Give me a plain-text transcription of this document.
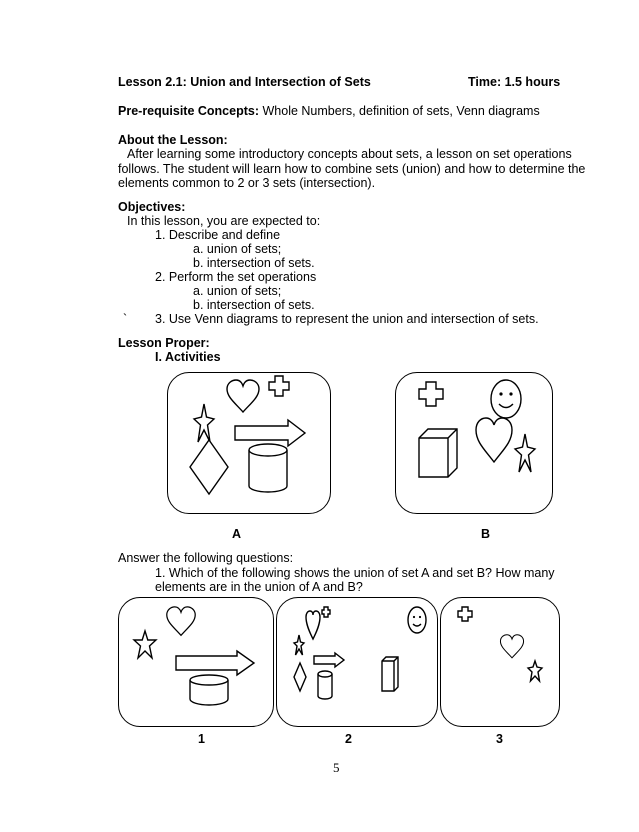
Lesson 2.1: Union and Intersection of Sets	Time: 1.5 hours
Pre-requisite Concepts: Whole Numbers, definition of sets, Venn diagrams
About the Lesson:
After learning some introductory concepts about sets, a lesson on set operations
follows. The student will learn how to combine sets (union) and how to determine the
elements common to 2 or 3 sets (intersection).
Objectives:
In this lesson, you are expected to:
1. Describe and define
a. union of sets;
b. intersection of sets.
2. Perform the set operations
a. union of sets;
b. intersection of sets.
` 3. Use Venn diagrams to represent the union and intersection of sets.
Lesson Proper:
I. Activities
A	B
Answer the following questions:
1. Which of the following shows the union of set A and set B? How many
elements are in the union of A and B?
1	2	3
5
